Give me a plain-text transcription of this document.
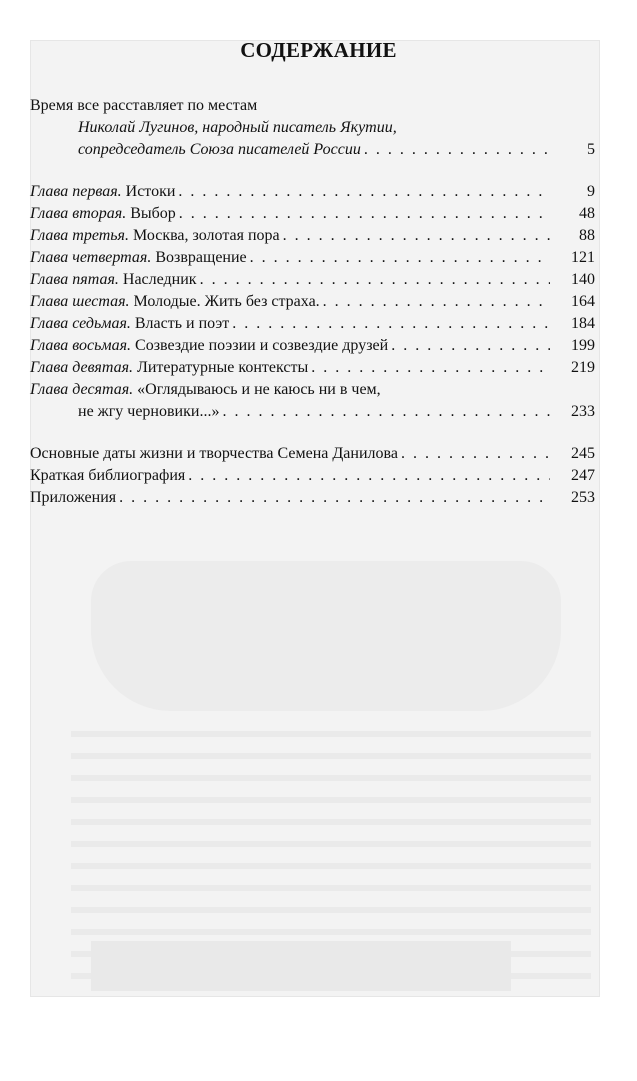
СОДЕРЖАНИЕ
Время все расставляет по местам
Николай Лугинов, народный писатель Якутии,
сопредседатель Союза писателей России . . .	5
Глава первая. Истоки . . .	9
Глава вторая. Выбор . . .	48
Глава третья. Москва, золотая пора . . .	88
Глава четвертая. Возвращение . . .	121
Глава пятая. Наследник . . .	140
Глава шестая. Молодые. Жить без страха. . . .	164
Глава седьмая. Власть и поэт . . .	184
Глава восьмая. Созвездие поэзии и созвездие друзей . . .	199
Глава девятая. Литературные контексты . . .	219
Глава десятая. «Оглядываюсь и не каюсь ни в чем,
не жгу черновики...» . . .	233
Основные даты жизни и творчества Семена Данилова . . .	245
Краткая библиография . . .	247
Приложения . . .	253
